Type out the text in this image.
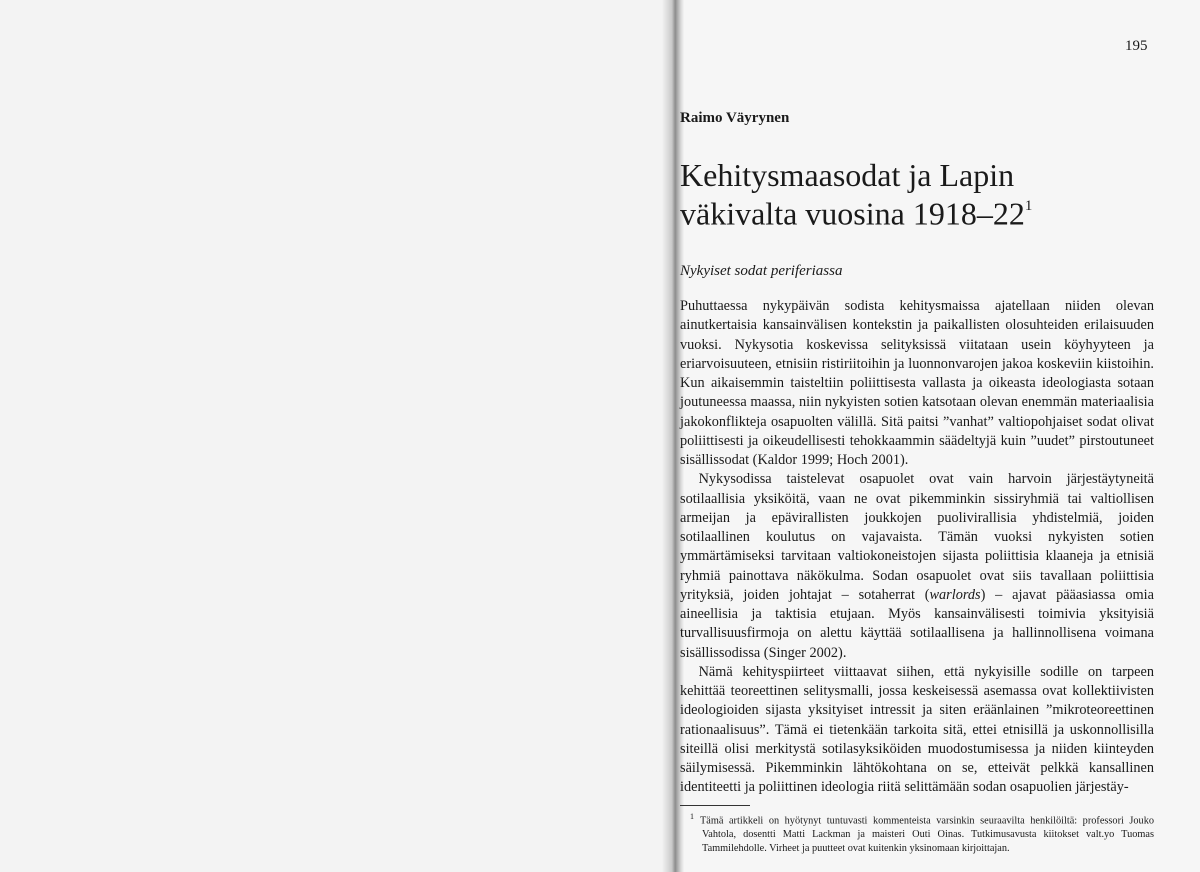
195
Raimo Väyrynen
Kehitysmaasodat ja Lapin väkivalta vuosina $1918-22^1$
Nykyiset sodat periferiassa

Puhuttaessa nykypäivän sodista kehitysmaissa ajatellaan niiden olevan ainutkertaisia kansainvälisen kontekstin ja paikallisten olosuhteiden erilaisuuden vuoksi. Nykysotia koskevissa selityksissä viitataan usein köyhyyteen ja eriarvoisuuteen, etnisiin ristiriitoihin ja luonnonvarojen jakoa koskeviin kiistoihin. Kun aikaisemmin taisteltiin poliittisesta vallasta ja oikeasta ideologiasta sotaan joutuneessa maassa, niin nykyisten sotien katsotaan olevan enemmän materiaalisia jakokonflikteja osapuolten välillä. Sitä paitsi ”vanhat” valtiopohjaiset sodat olivat poliittisesti ja oikeudellisesti tehokkaammin säädeltyjä kuin ”uudet” pirstoutuneet sisällissodat (Kaldor 1999; Hoch 2001).

Nykysodissa taistelevat osapuolet ovat vain harvoin järjestäytyneitä sotilaallisia yksiköitä, vaan ne ovat pikemminkin sissiryhmiä tai valtiollisen armeijan ja epävirallisten joukkojen puolivirallisia yhdistelmiä, joiden sotilaallinen koulutus on vajavaista. Tämän vuoksi nykyisten sotien ymmärtämiseksi tarvitaan valtiokoneistojen sijasta poliittisia klaaneja ja etnisiä ryhmiä painottava näkökulma. Sodan osapuolet ovat siis tavallaan poliittisia yrityksiä, joiden johtajat – sotaherrat (warlords) – ajavat pääasiassa omia aineellisia ja taktisia etujaan. Myös kansainvälisesti toimivia yksityisiä turvallisuusfirmoja on alettu käyttää sotilaallisena ja hallinnollisena voimana sisällissodissa (Singer 2002).

Nämä kehityspiirteet viittaavat siihen, että nykyisille sodille on tarpeen kehittää teoreettinen selitysmalli, jossa keskeisessä asemassa ovat kollektiivisten ideologioiden sijasta yksityiset intressit ja siten eräänlainen ”mikroteoreettinen rationaalisuus”. Tämä ei tietenkään tarkoita sitä, ettei etnisillä ja uskonnollisilla siteillä olisi merkitystä sotilasyksiköiden muodostumisessa ja niiden kiinteyden säilymisessä. Pikemminkin lähtökohtana on se, etteivät pelkkä kansallinen identiteetti ja poliittinen ideologia riitä selittämään sodan osapuolien järjestäy-

$^1$ Tämä artikkeli on hyötynyt tuntuvasti kommenteista varsinkin seuraavilta henkilöiltä: professori Jouko Vahtola, dosentti Matti Lackman ja maisteri Outi Oinas. Tutkimusavusta kiitokset valt.yo Tuomas Tammilehdolle. Virheet ja puutteet ovat kuitenkin yksinomaan kirjoittajan.
